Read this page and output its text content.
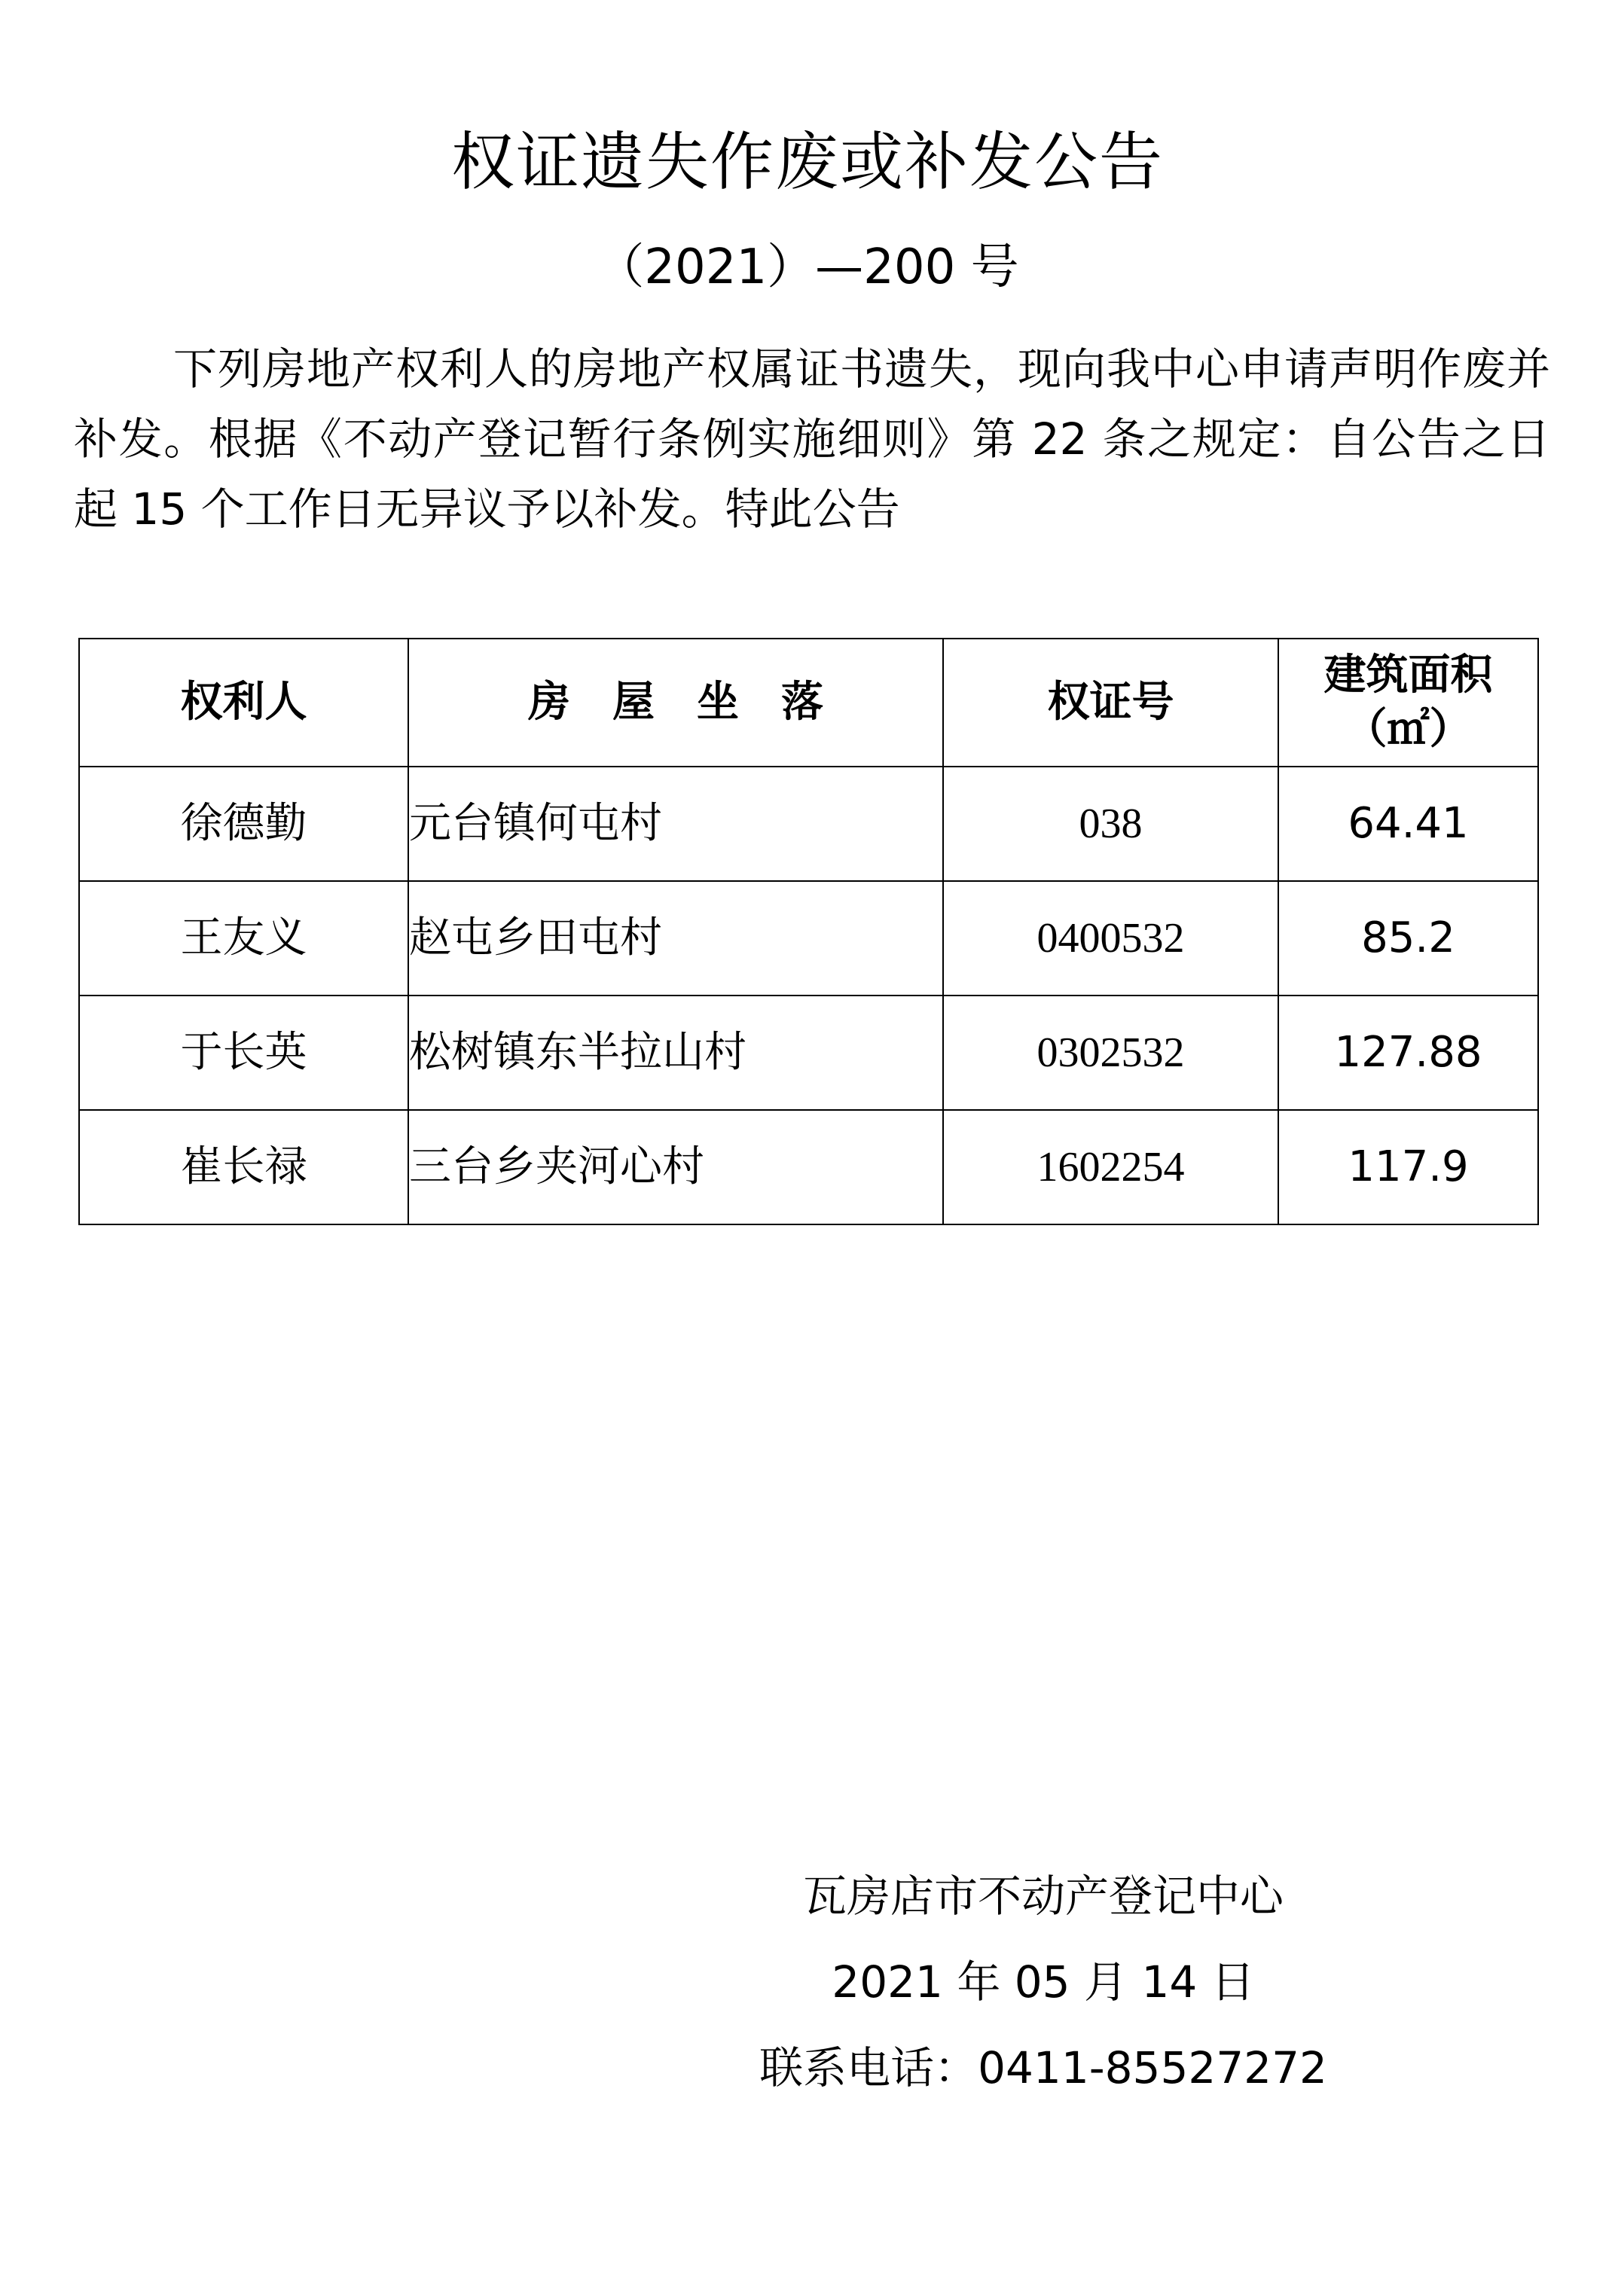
权证遗失作废或补发公告
（2021）—200 号

下列房地产权利人的房地产权属证书遗失，现向我中心申请声明作废并补发。根据《不动产登记暂行条例实施细则》第 22 条之规定：自公告之日起 15 个工作日无异议予以补发。特此公告

权利人	房　屋　坐　落	权证号	建筑面积
（㎡）

徐德勤	元台镇何屯村	038	64.41
王友义	赵屯乡田屯村	0400532	85.2
于长英	松树镇东半拉山村	0302532	127.88
崔长禄	三台乡夹河心村	1602254	117.9
瓦房店市不动产登记中心
2021 年 05 月 14 日
联系电话：0411-85527272
